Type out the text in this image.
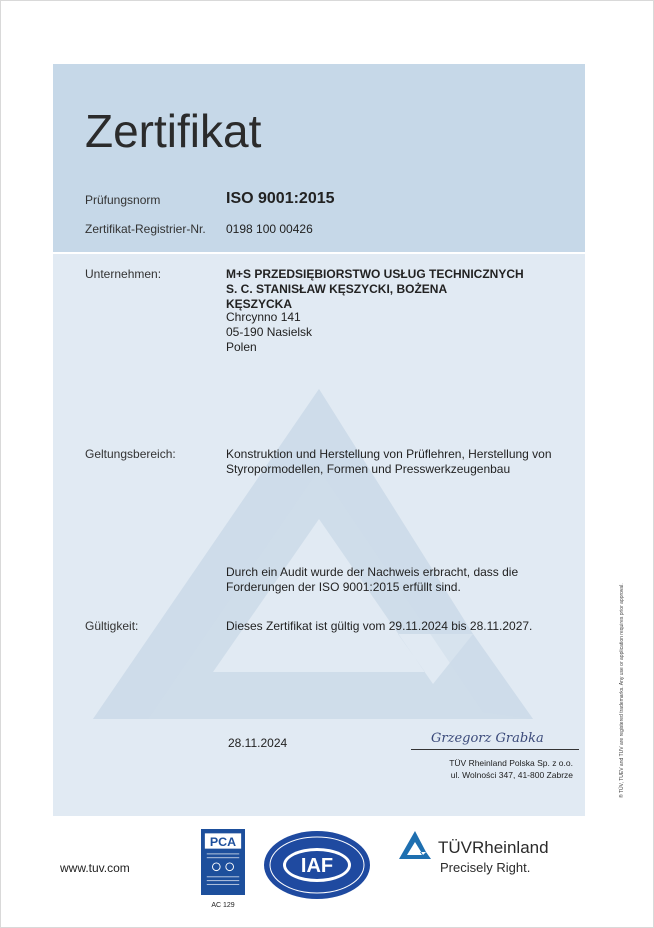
Zertifikat
Prüfungsnorm	ISO 9001:2015
Zertifikat-Registrier-Nr. 0198 100 00426
Unternehmen:	M+S PRZEDSIĘBIORSTWO USŁUG TECHNICZNYCH
S. C. STANISŁAW KĘSZYCKI, BOŻENA
KĘSZYCKA
Chrcynno 141
05-190 Nasielsk
Polen
Geltungsbereich:	Konstruktion und Herstellung von Prüflehren, Herstellung von
Styropormodellen, Formen und Presswerkzeugenbau
Durch ein Audit wurde der Nachweis erbracht, dass die
Forderungen der ISO 9001:2015 erfüllt sind.
Gültigkeit:	Dieses Zertifikat ist gültig vom 29.11.2024 bis 28.11.2027.
28.11.2024	Grzegorz Grabka
TÜV Rheinland Polska Sp. z o.o.
ul. Wolności 347, 41-800 Zabrze	® TÜV, TUEV and TUV are registered trademarks. Any use or application requires prior approval.
www.tuv.com
PCA
AC 129
IAF
TÜVRheinland
Precisely Right.
